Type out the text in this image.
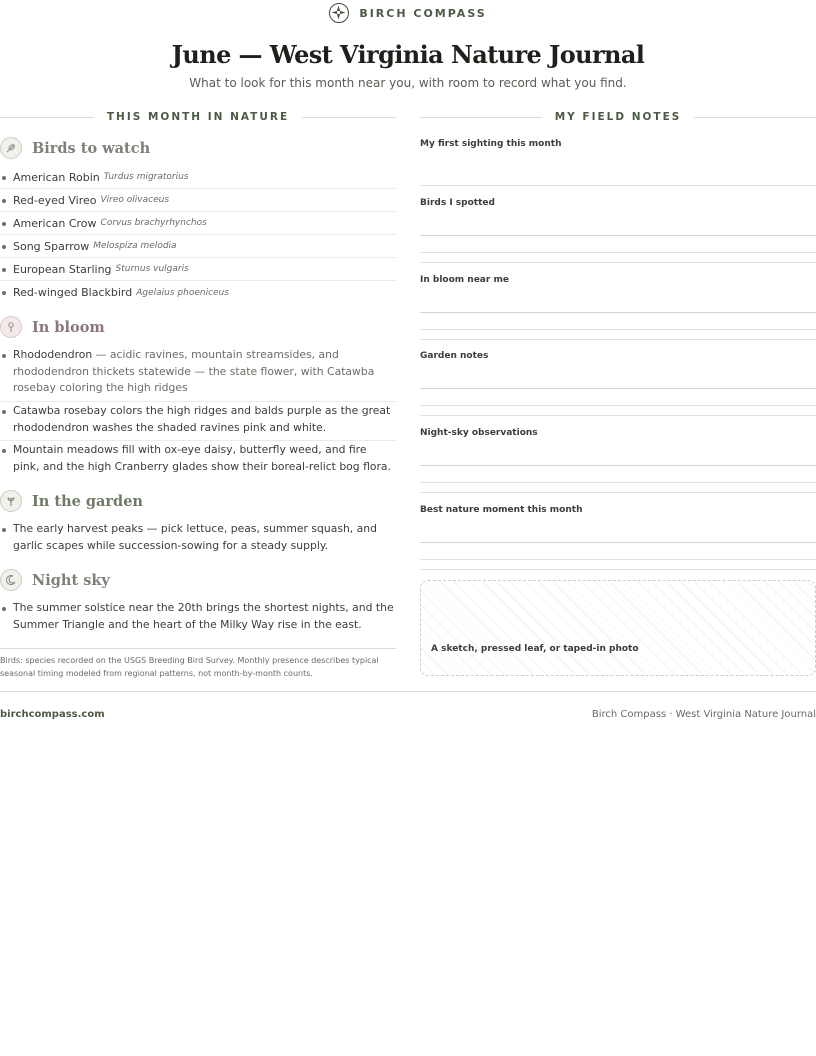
BIRCH COMPASS
June — West Virginia Nature Journal
What to look for this month near you, with room to record what you find.
THIS MONTH IN NATURE	MY FIELD NOTES
Birds to watch
American Robin Turdus migratorius
Red-eyed Vireo Vireo olivaceus
American Crow Corvus brachyrhynchos
Song Sparrow Melospiza melodia
European Starling Sturnus vulgaris
Red-winged Blackbird Agelaius phoeniceus
In bloom
Rhododendron — acidic ravines, mountain streamsides, and rhododendron thickets statewide — the state flower, with Catawba rosebay coloring the high ridges
Catawba rosebay colors the high ridges and balds purple as the great rhododendron washes the shaded ravines pink and white.
Mountain meadows fill with ox-eye daisy, butterfly weed, and fire pink, and the high Cranberry glades show their boreal-relict bog flora.
In the garden
The early harvest peaks — pick lettuce, peas, summer squash, and garlic scapes while succession-sowing for a steady supply.
Night sky
The summer solstice near the 20th brings the shortest nights, and the Summer Triangle and the heart of the Milky Way rise in the east.
Birds: species recorded on the USGS Breeding Bird Survey. Monthly presence describes typical seasonal timing modeled from regional patterns, not month-by-month counts.
My first sighting this month
Birds I spotted
In bloom near me
Garden notes
Night-sky observations
Best nature moment this month
A sketch, pressed leaf, or taped-in photo
birchcompass.com	Birch Compass · West Virginia Nature Journal
